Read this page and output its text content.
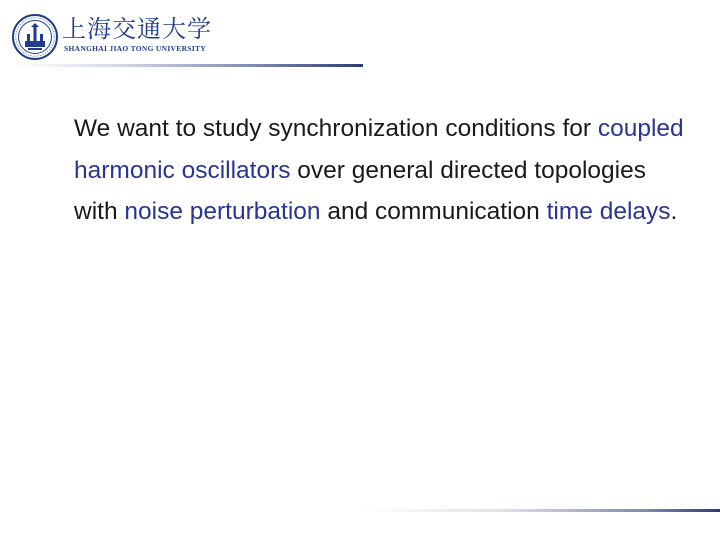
上海交通大学
SHANGHAI JIAO TONG UNIVERSITY

We want to study synchronization conditions for coupled harmonic oscillators over general directed topologies with noise perturbation and communication time delays.
